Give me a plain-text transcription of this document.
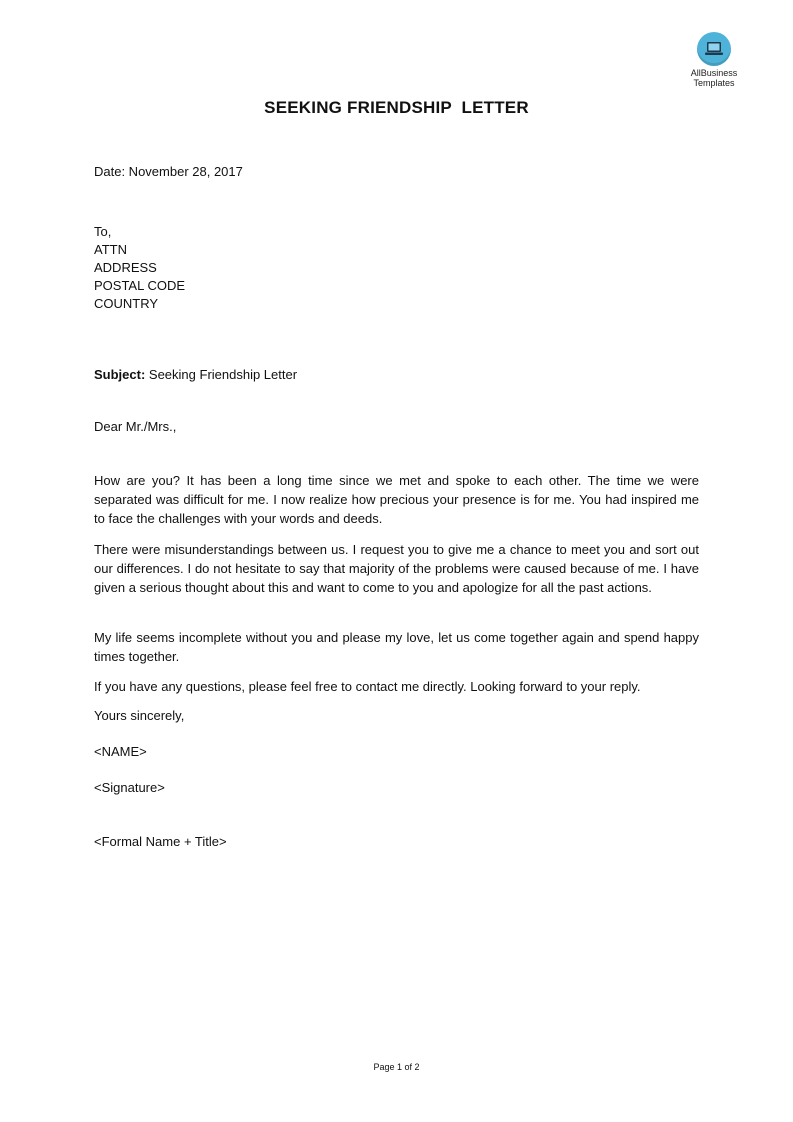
AllBusiness
Templates
SEEKING FRIENDSHIP  LETTER
Date: November 28, 2017
To,
ATTN
ADDRESS
POSTAL CODE
COUNTRY
Subject: Seeking Friendship Letter
Dear Mr./Mrs.,
How are you? It has been a long time since we met and spoke to each other. The time we were separated was difficult for me. I now realize how precious your presence is for me. You had inspired me to face the challenges with your words and deeds.
There were misunderstandings between us. I request you to give me a chance to meet you and sort out our differences. I do not hesitate to say that majority of the problems were caused because of me. I have given a serious thought about this and want to come to you and apologize for all the past actions.
My life seems incomplete without you and please my love, let us come together again and spend happy times together.
If you have any questions, please feel free to contact me directly. Looking forward to your reply.
Yours sincerely,
<NAME>
<Signature>
<Formal Name + Title>
Page 1 of 2
